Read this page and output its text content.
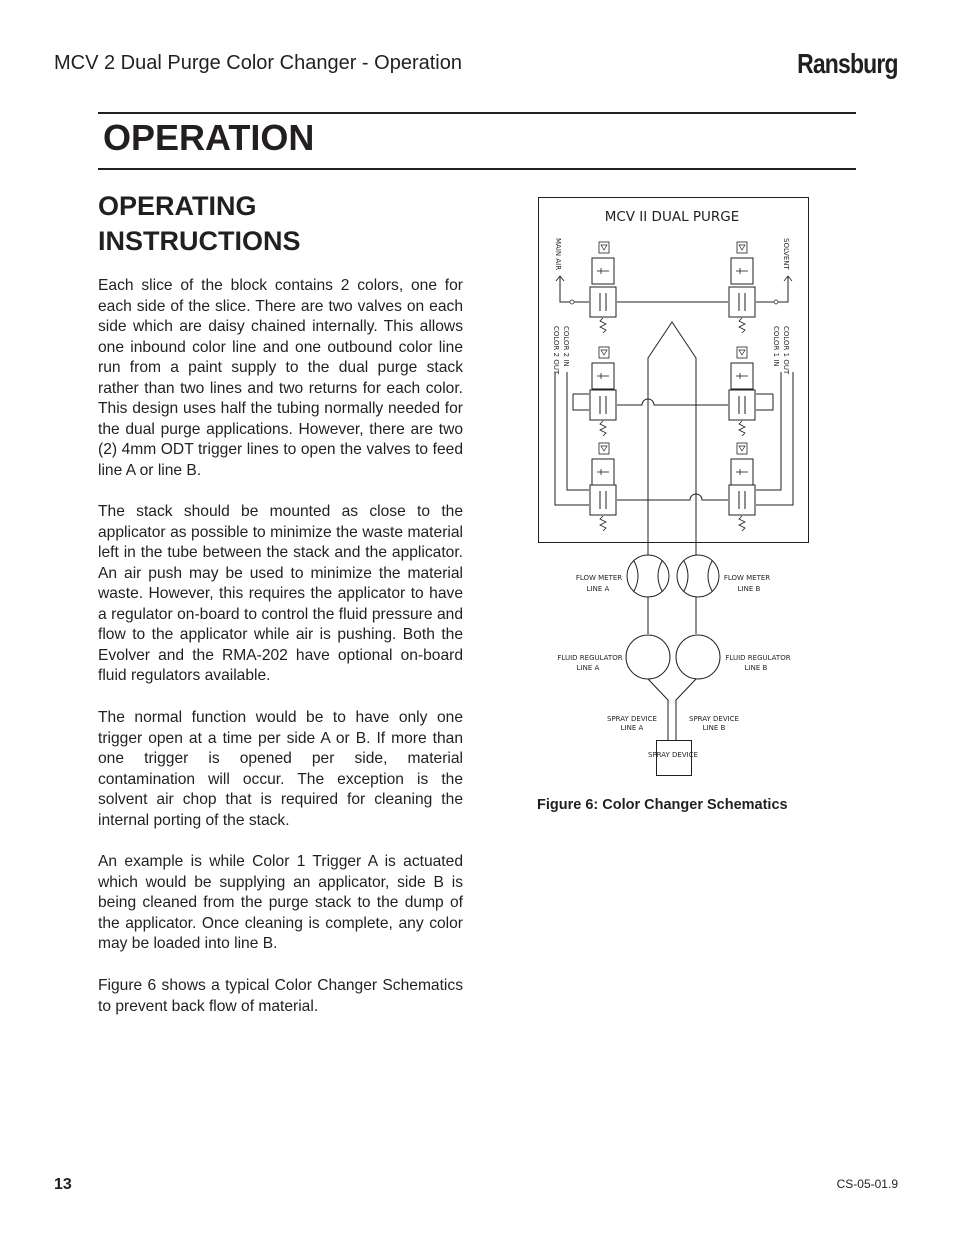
MCV 2 Dual Purge Color Changer - Operation	Ransburg
OPERATION
OPERATING
INSTRUCTIONS

Each slice of the block contains 2 colors, one for each side of the slice. There are two valves on each side which are daisy chained internally. This allows one inbound color line and one outbound color line run from a paint supply to the dual purge stack rather than two lines and two returns for each color. This design uses half the tubing normally needed for the dual purge applications. However, there are two (2) 4mm ODT trigger lines to open the valves to feed line A or line B.

The stack should be mounted as close to the applicator as possible to minimize the waste material left in the tube between the stack and the applicator. An air push may be used to minimize the material waste. However, this requires the applicator to have a regulator on-board to control the fluid pressure and flow to the applicator while air is pushing. Both the Evolver and the RMA-202 have optional on-board fluid regulators available.

The normal function would be to have only one trigger open at a time per side A or B. If more than one trigger is opened per side, material contamination will occur. The exception is the solvent air chop that is required for cleaning the internal porting of the stack.

An example is while Color 1 Trigger A is actuated which would be supplying an applicator, side B is being cleaned from the purge stack to the dump of the applicator. Once cleaning is complete, any color may be loaded into line B.

Figure 6 shows a typical Color Changer Schematics to prevent back flow of material.

MCV II DUAL PURGE
MAIN AIR	SOLVENT
COLOR 2 IN
COLOR 2 OUT	COLOR 1 OUT
COLOR 1 IN
FLOW METER
LINE A
FLOW METER
LINE B
FLUID REGULATOR
LINE A
FLUID REGULATOR
LINE B
SPRAY DEVICE
LINE A
SPRAY DEVICE
LINE B
SPRAY DEVICE
Figure 6: Color Changer Schematics
13	CS-05-01.9
